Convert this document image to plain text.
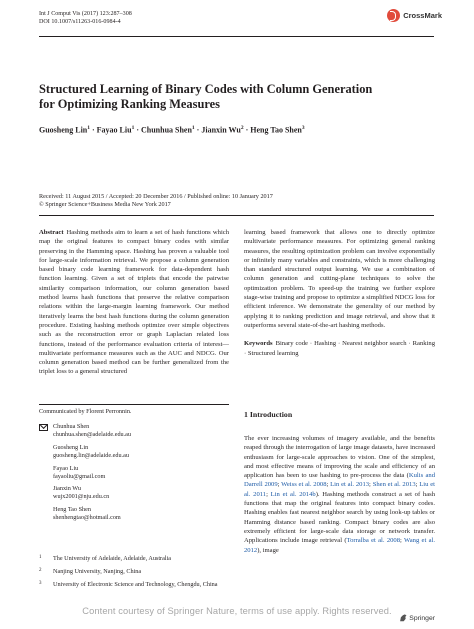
Int J Comput Vis (2017) 123:287–308
DOI 10.1007/s11263-016-0984-4
CrossMark
Structured Learning of Binary Codes with Column Generation
for Optimizing Ranking Measures
Guosheng Lin$^1$ · Fayao Liu$^1$ · Chunhua Shen$^1$ · Jianxin $Wu^2$ · Heng Tao Shen$^3$
Received: 11 August 2015 / Accepted: 20 December 2016 / Published online: 10 January 2017
© Springer Science+Business Media New York 2017

Abstract Hashing methods aim to learn a set of hash functions which map the original features to compact binary codes with similar preserving in the Hamming space. Hashing has proven a valuable tool for large-scale information retrieval. We propose a column generation based binary code learning framework for data-dependent hash function learning. Given a set of triplets that encode the pairwise similarity comparison information, our column generation based method learns hash functions that preserve the relative comparison relations within the large-margin learning framework. Our method iteratively learns the best hash functions during the column generation procedure. Existing hashing methods optimize over simple objectives such as the reconstruction error or graph Laplacian related loss functions, instead of the performance evaluation criteria of interest—multivariate performance measures such as the AUC and NDCG. Our column generation based method can be further generalized from the triplet loss to a general structured

learning based framework that allows one to directly optimize multivariate performance measures. For optimizing general ranking measures, the resulting optimization problem can involve exponentially or infinitely many variables and constraints, which is more challenging than standard structured output learning. We use a combination of column generation and cutting-plane techniques to solve the optimization problem. To speed-up the training we further explore stage-wise training and propose to optimize a simplified NDCG loss for efficient inference. We demonstrate the generality of our method by applying it to ranking prediction and image retrieval, and show that it outperforms several state-of-the-art hashing methods.

Keywords Binary code · Hashing · Nearest neighbor search · Ranking · Structured learning

Communicated by Florent Perronnin.
Chunhua Shen
chunhua.shen@adelaide.edu.au
Guosheng Lin
guosheng.lin@adelaide.edu.au
Fayao Liu
fayaoliu@gmail.com
Jianxin Wu
wujx2001@nju.edu.cn
Heng Tao Shen
shenhengtao@hotmail.com
1	The University of Adelaide, Adelaide, Australia
2	Nanjing University, Nanjing, China
3	University of Electronic Science and Technology, Chengdu, China
1 Introduction
The ever increasing volumes of imagery available, and the benefits reaped through the interrogation of large image datasets, have increased enthusiasm for large-scale approaches to vision. One of the simplest, and most effective means of improving the scale and efficiency of an application has been to use hashing to pre-process the data (Kulis and Darrell 2009; Weiss et al. 2008; Lin et al. 2013; Shen et al. 2013; Liu et al. 2011; Lin et al. 2014b). Hashing methods construct a set of hash functions that map the original features into compact binary codes. Hashing enables fast nearest neighbor search by using look-up tables or Hamming distance based ranking. Compact binary codes are also extremely efficient for large-scale data storage or network transfer. Applications include image retrieval (Torralba et al. 2008; Wang et al. 2012), image
Springer
Content courtesy of Springer Nature, terms of use apply. Rights reserved.
